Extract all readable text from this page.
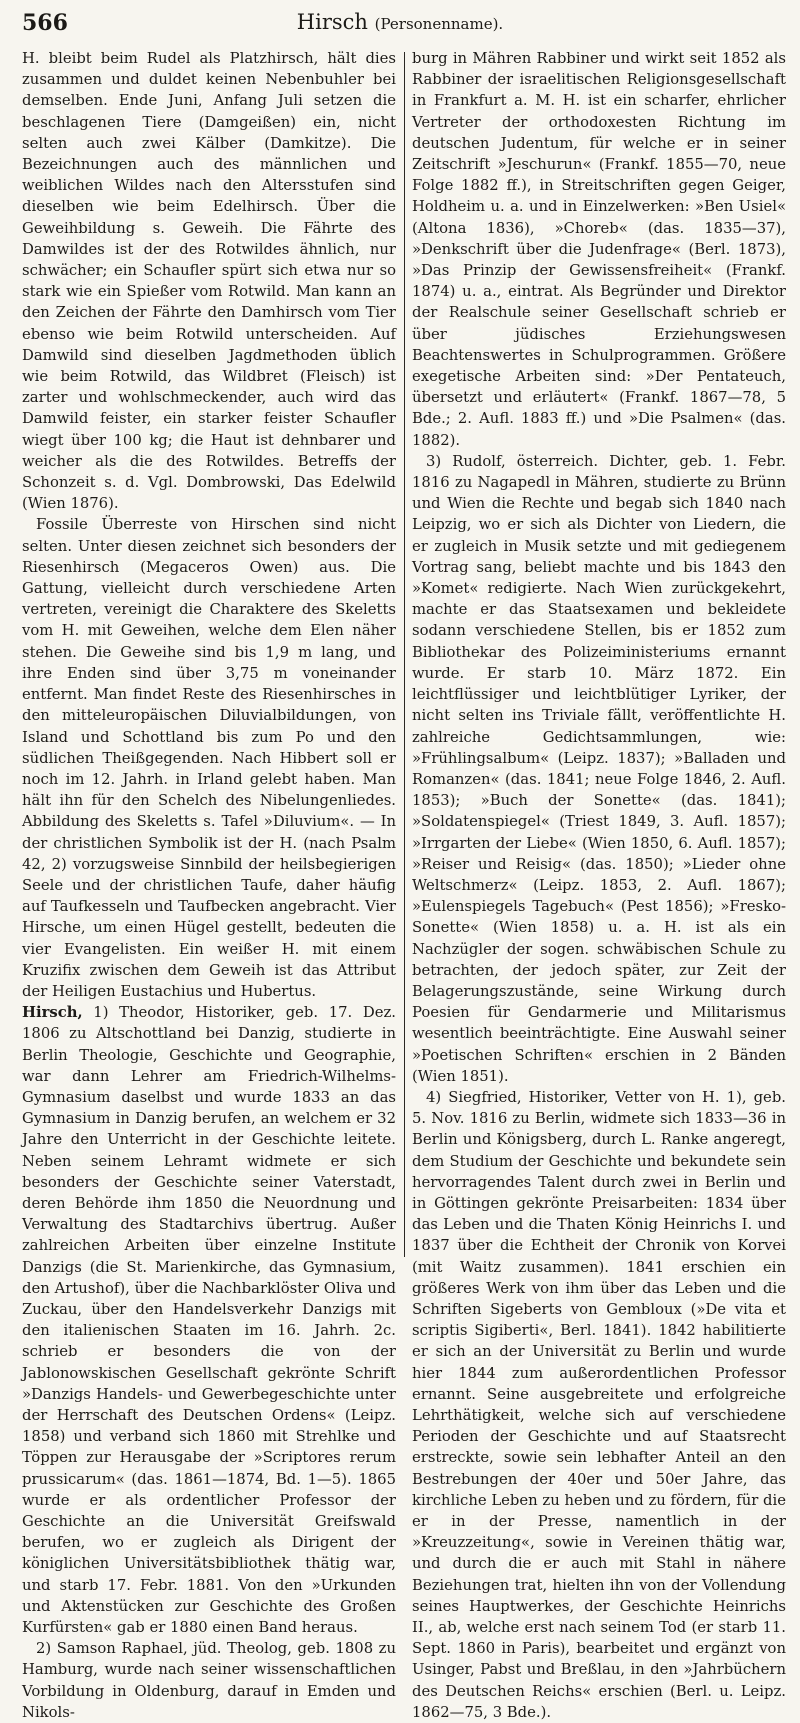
566	Hirsch (Personenname).

H. bleibt beim Rudel als Platzhirsch, hält dies zusammen und duldet keinen Nebenbuhler bei demselben. Ende Juni, Anfang Juli setzen die beschlagenen Tiere (Damgeißen) ein, nicht selten auch zwei Kälber (Damkitze). Die Bezeichnungen auch des männlichen und weiblichen Wildes nach den Altersstufen sind dieselben wie beim Edelhirsch. Über die Geweihbildung s. Geweih. Die Fährte des Damwildes ist der des Rotwildes ähnlich, nur schwächer; ein Schaufler spürt sich etwa nur so stark wie ein Spießer vom Rotwild. Man kann an den Zeichen der Fährte den Damhirsch vom Tier ebenso wie beim Rotwild unterscheiden. Auf Damwild sind dieselben Jagdmethoden üblich wie beim Rotwild, das Wildbret (Fleisch) ist zarter und wohlschmeckender, auch wird das Damwild feister, ein starker feister Schaufler wiegt über 100 kg; die Haut ist dehnbarer und weicher als die des Rotwildes. Betreffs der Schonzeit s. d. Vgl. Dombrowski, Das Edelwild (Wien 1876).

Fossile Überreste von Hirschen sind nicht selten. Unter diesen zeichnet sich besonders der Riesenhirsch (Megaceros Owen) aus. Die Gattung, vielleicht durch verschiedene Arten vertreten, vereinigt die Charaktere des Skeletts vom H. mit Geweihen, welche dem Elen näher stehen. Die Geweihe sind bis 1,9 m lang, und ihre Enden sind über 3,75 m voneinander entfernt. Man findet Reste des Riesenhirsches in den mitteleuropäischen Diluvialbildungen, von Island und Schottland bis zum Po und den südlichen Theißgegenden. Nach Hibbert soll er noch im 12. Jahrh. in Irland gelebt haben. Man hält ihn für den Schelch des Nibelungenliedes. Abbildung des Skeletts s. Tafel »Diluvium«. — In der christlichen Symbolik ist der H. (nach Psalm 42, 2) vorzugsweise Sinnbild der heilsbegierigen Seele und der christlichen Taufe, daher häufig auf Taufkesseln und Taufbecken angebracht. Vier Hirsche, um einen Hügel gestellt, bedeuten die vier Evangelisten. Ein weißer H. mit einem Kruzifix zwischen dem Geweih ist das Attribut der Heiligen Eustachius und Hubertus.

Hirsch, 1) Theodor, Historiker, geb. 17. Dez. 1806 zu Altschottland bei Danzig, studierte in Berlin Theologie, Geschichte und Geographie, war dann Lehrer am Friedrich-Wilhelms-Gymnasium daselbst und wurde 1833 an das Gymnasium in Danzig berufen, an welchem er 32 Jahre den Unterricht in der Geschichte leitete. Neben seinem Lehramt widmete er sich besonders der Geschichte seiner Vaterstadt, deren Behörde ihm 1850 die Neuordnung und Verwaltung des Stadtarchivs übertrug. Außer zahlreichen Arbeiten über einzelne Institute Danzigs (die St. Marienkirche, das Gymnasium, den Artushof), über die Nachbarklöster Oliva und Zuckau, über den Handelsverkehr Danzigs mit den italienischen Staaten im 16. Jahrh. 2c. schrieb er besonders die von der Jablonowskischen Gesellschaft gekrönte Schrift »Danzigs Handels- und Gewerbegeschichte unter der Herrschaft des Deutschen Ordens« (Leipz. 1858) und verband sich 1860 mit Strehlke und Töppen zur Herausgabe der »Scriptores rerum prussicarum« (das. 1861—1874, Bd. 1—5). 1865 wurde er als ordentlicher Professor der Geschichte an die Universität Greifswald berufen, wo er zugleich als Dirigent der königlichen Universitätsbibliothek thätig war, und starb 17. Febr. 1881. Von den »Urkunden und Aktenstücken zur Geschichte des Großen Kurfürsten« gab er 1880 einen Band heraus.

2) Samson Raphael, jüd. Theolog, geb. 1808 zu Hamburg, wurde nach seiner wissenschaftlichen Vorbildung in Oldenburg, darauf in Emden und Nikols-

burg in Mähren Rabbiner und wirkt seit 1852 als Rabbiner der israelitischen Religionsgesellschaft in Frankfurt a. M. H. ist ein scharfer, ehrlicher Vertreter der orthodoxesten Richtung im deutschen Judentum, für welche er in seiner Zeitschrift »Jeschurun« (Frankf. 1855—70, neue Folge 1882 ff.), in Streitschriften gegen Geiger, Holdheim u. a. und in Einzelwerken: »Ben Usiel« (Altona 1836), »Choreb« (das. 1835—37), »Denkschrift über die Judenfrage« (Berl. 1873), »Das Prinzip der Gewissensfreiheit« (Frankf. 1874) u. a., eintrat. Als Begründer und Direktor der Realschule seiner Gesellschaft schrieb er über jüdisches Erziehungswesen Beachtenswertes in Schulprogrammen. Größere exegetische Arbeiten sind: »Der Pentateuch, übersetzt und erläutert« (Frankf. 1867—78, 5 Bde.; 2. Aufl. 1883 ff.) und »Die Psalmen« (das. 1882).

3) Rudolf, österreich. Dichter, geb. 1. Febr. 1816 zu Nagapedl in Mähren, studierte zu Brünn und Wien die Rechte und begab sich 1840 nach Leipzig, wo er sich als Dichter von Liedern, die er zugleich in Musik setzte und mit gediegenem Vortrag sang, beliebt machte und bis 1843 den »Komet« redigierte. Nach Wien zurückgekehrt, machte er das Staatsexamen und bekleidete sodann verschiedene Stellen, bis er 1852 zum Bibliothekar des Polizeiministeriums ernannt wurde. Er starb 10. März 1872. Ein leichtflüssiger und leichtblütiger Lyriker, der nicht selten ins Triviale fällt, veröffentlichte H. zahlreiche Gedichtsammlungen, wie: »Frühlingsalbum« (Leipz. 1837); »Balladen und Romanzen« (das. 1841; neue Folge 1846, 2. Aufl. 1853); »Buch der Sonette« (das. 1841); »Soldatenspiegel« (Triest 1849, 3. Aufl. 1857); »Irrgarten der Liebe« (Wien 1850, 6. Aufl. 1857); »Reiser und Reisig« (das. 1850); »Lieder ohne Weltschmerz« (Leipz. 1853, 2. Aufl. 1867); »Eulenspiegels Tagebuch« (Pest 1856); »Fresko-Sonette« (Wien 1858) u. a. H. ist als ein Nachzügler der sogen. schwäbischen Schule zu betrachten, der jedoch später, zur Zeit der Belagerungszustände, seine Wirkung durch Poesien für Gendarmerie und Militarismus wesentlich beeinträchtigte. Eine Auswahl seiner »Poetischen Schriften« erschien in 2 Bänden (Wien 1851).

4) Siegfried, Historiker, Vetter von H. 1), geb. 5. Nov. 1816 zu Berlin, widmete sich 1833—36 in Berlin und Königsberg, durch L. Ranke angeregt, dem Studium der Geschichte und bekundete sein hervorragendes Talent durch zwei in Berlin und in Göttingen gekrönte Preisarbeiten: 1834 über das Leben und die Thaten König Heinrichs I. und 1837 über die Echtheit der Chronik von Korvei (mit Waitz zusammen). 1841 erschien ein größeres Werk von ihm über das Leben und die Schriften Sigeberts von Gembloux (»De vita et scriptis Sigiberti«, Berl. 1841). 1842 habilitierte er sich an der Universität zu Berlin und wurde hier 1844 zum außerordentlichen Professor ernannt. Seine ausgebreitete und erfolgreiche Lehrthätigkeit, welche sich auf verschiedene Perioden der Geschichte und auf Staatsrecht erstreckte, sowie sein lebhafter Anteil an den Bestrebungen der 40er und 50er Jahre, das kirchliche Leben zu heben und zu fördern, für die er in der Presse, namentlich in der »Kreuzzeitung«, sowie in Vereinen thätig war, und durch die er auch mit Stahl in nähere Beziehungen trat, hielten ihn von der Vollendung seines Hauptwerkes, der Geschichte Heinrichs II., ab, welche erst nach seinem Tod (er starb 11. Sept. 1860 in Paris), bearbeitet und ergänzt von Usinger, Pabst und Breßlau, in den »Jahrbüchern des Deutschen Reichs« erschien (Berl. u. Leipz. 1862—75, 3 Bde.).
